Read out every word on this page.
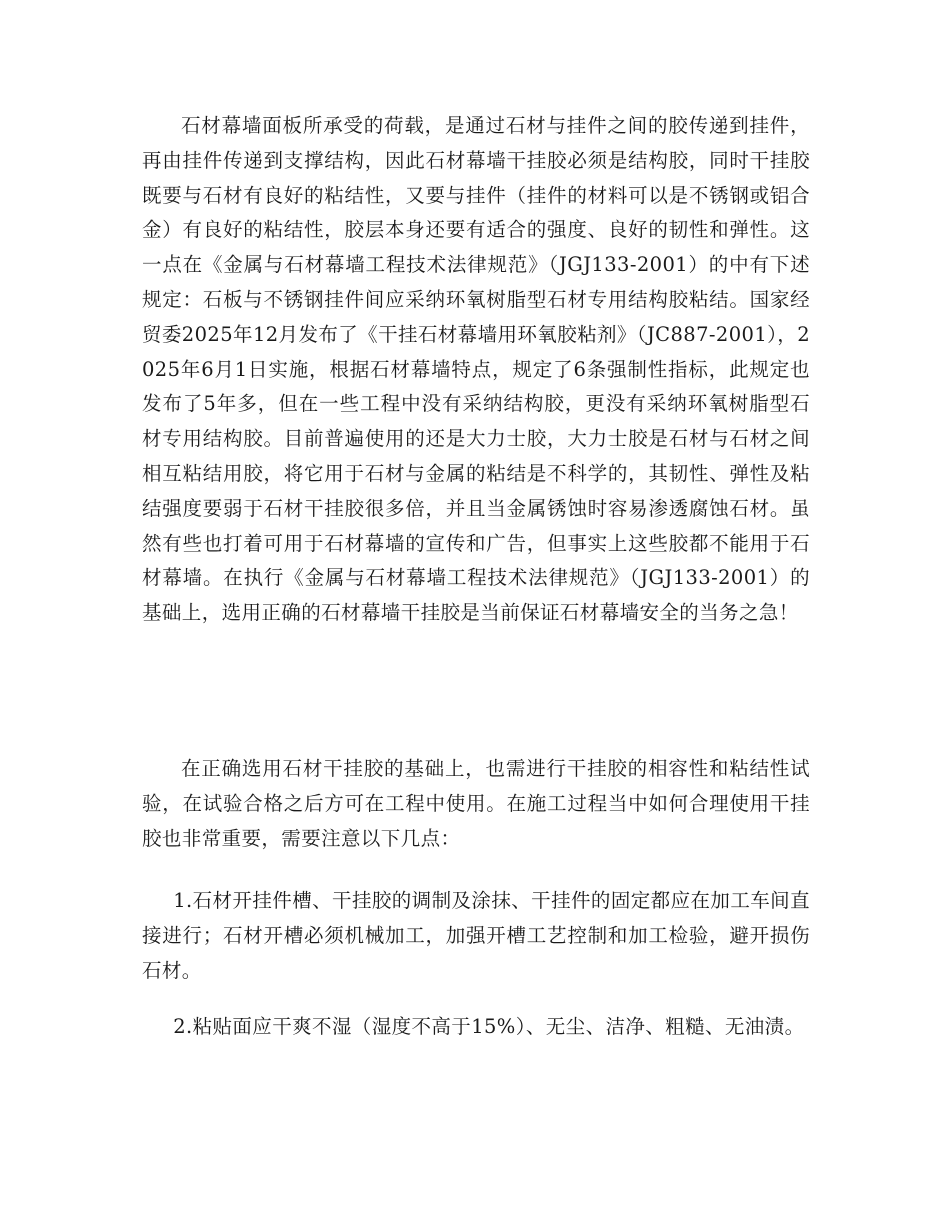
石材幕墙面板所承受的荷载，是通过石材与挂件之间的胶传递到挂件，再由挂件传递到支撑结构，因此石材幕墙干挂胶必须是结构胶，同时干挂胶既要与石材有良好的粘结性，又要与挂件（挂件的材料可以是不锈钢或铝合金）有良好的粘结性，胶层本身还要有适合的强度、良好的韧性和弹性。这一点在《金属与石材幕墙工程技术法律规范》（JGJ133-2001）的中有下述规定：石板与不锈钢挂件间应采纳环氧树脂型石材专用结构胶粘结。国家经贸委2025年12月发布了《干挂石材幕墙用环氧胶粘剂》（JC887-2001），2025年6月1日实施，根据石材幕墙特点，规定了6条强制性指标，此规定也发布了5年多，但在一些工程中没有采纳结构胶，更没有采纳环氧树脂型石材专用结构胶。目前普遍使用的还是大力士胶，大力士胶是石材与石材之间相互粘结用胶，将它用于石材与金属的粘结是不科学的，其韧性、弹性及粘结强度要弱于石材干挂胶很多倍，并且当金属锈蚀时容易渗透腐蚀石材。虽然有些也打着可用于石材幕墙的宣传和广告，但事实上这些胶都不能用于石材幕墙。在执行《金属与石材幕墙工程技术法律规范》（JGJ133-2001）的基础上，选用正确的石材幕墙干挂胶是当前保证石材幕墙安全的当务之急！

在正确选用石材干挂胶的基础上，也需进行干挂胶的相容性和粘结性试验，在试验合格之后方可在工程中使用。在施工过程当中如何合理使用干挂胶也非常重要，需要注意以下几点：

1.石材开挂件槽、干挂胶的调制及涂抹、干挂件的固定都应在加工车间直接进行；石材开槽必须机械加工，加强开槽工艺控制和加工检验，避开损伤石材。

2.粘贴面应干爽不湿（湿度不高于15%）、无尘、洁净、粗糙、无油渍。
